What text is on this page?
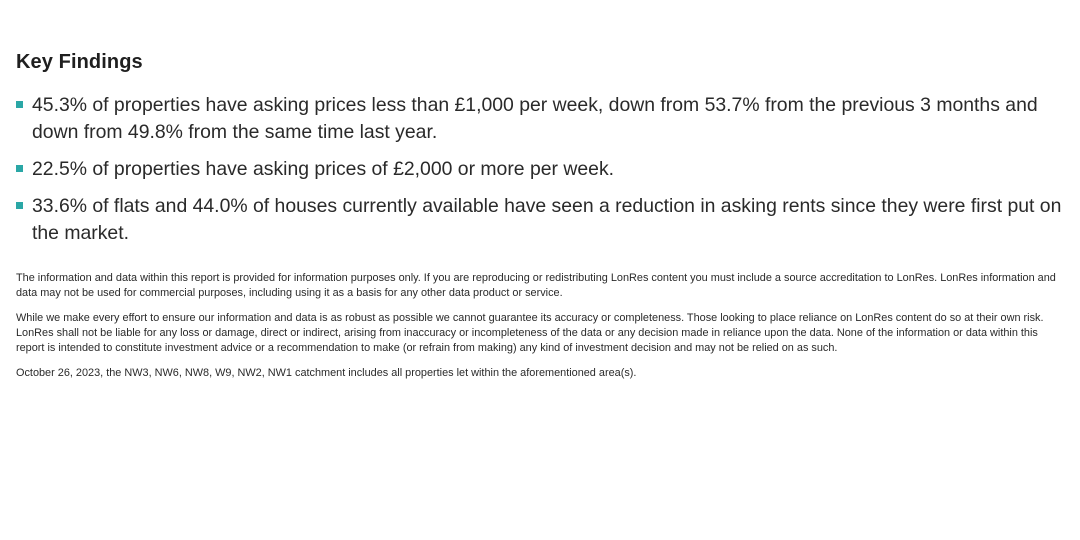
Key Findings
45.3% of properties have asking prices less than £1,000 per week, down from 53.7% from the previous 3 months and down from 49.8% from the same time last year.
22.5% of properties have asking prices of £2,000 or more per week.
33.6% of flats and 44.0% of houses currently available have seen a reduction in asking rents since they were first put on the market.

The information and data within this report is provided for information purposes only. If you are reproducing or redistributing LonRes content you must include a source accreditation to LonRes. LonRes information and data may not be used for commercial purposes, including using it as a basis for any other data product or service.

While we make every effort to ensure our information and data is as robust as possible we cannot guarantee its accuracy or completeness. Those looking to place reliance on LonRes content do so at their own risk. LonRes shall not be liable for any loss or damage, direct or indirect, arising from inaccuracy or incompleteness of the data or any decision made in reliance upon the data. None of the information or data within this report is intended to constitute investment advice or a recommendation to make (or refrain from making) any kind of investment decision and may not be relied on as such.

October 26, 2023, the NW3, NW6, NW8, W9, NW2, NW1 catchment includes all properties let within the aforementioned area(s).
